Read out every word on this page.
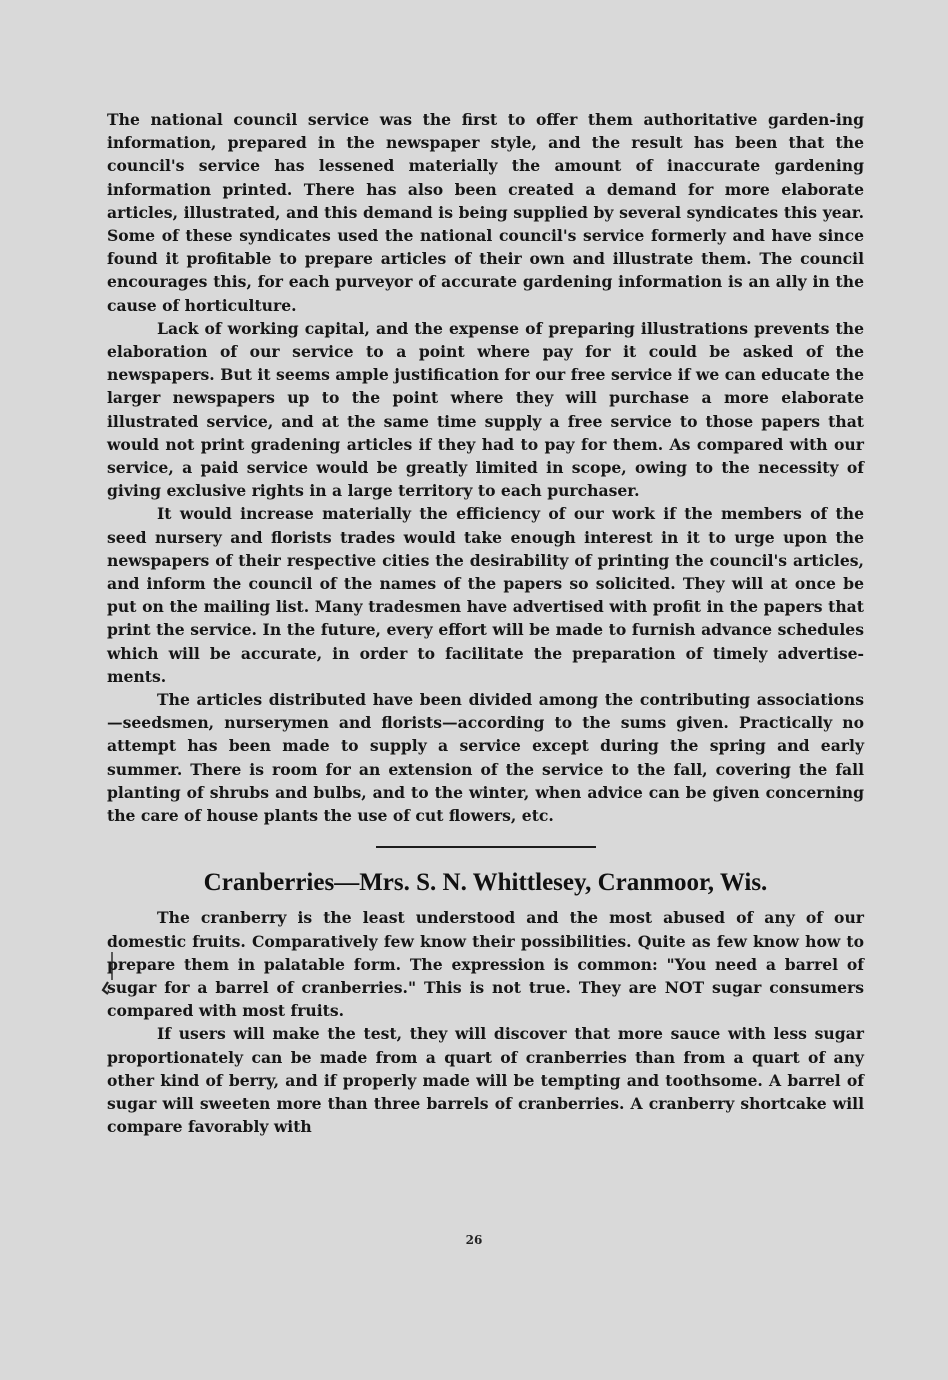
The national council service was the first to offer them authoritative garden-ing information, prepared in the newspaper style, and the result has been that the council's service has lessened materially the amount of inaccurate gardening information printed. There has also been created a demand for more elaborate articles, illustrated, and this demand is being supplied by several syndicates this year. Some of these syndicates used the national council's service formerly and have since found it profitable to prepare articles of their own and illustrate them. The council encourages this, for each purveyor of accurate gardening information is an ally in the cause of horticulture.

Lack of working capital, and the expense of preparing illustrations prevents the elaboration of our service to a point where pay for it could be asked of the newspapers. But it seems ample justification for our free service if we can educate the larger newspapers up to the point where they will purchase a more elaborate illustrated service, and at the same time supply a free service to those papers that would not print gradening articles if they had to pay for them. As compared with our service, a paid service would be greatly limited in scope, owing to the necessity of giving exclusive rights in a large territory to each purchaser.

It would increase materially the efficiency of our work if the members of the seed nursery and florists trades would take enough interest in it to urge upon the newspapers of their respective cities the desirability of printing the council's articles, and inform the council of the names of the papers so solicited. They will at once be put on the mailing list. Many tradesmen have advertised with profit in the papers that print the service. In the future, every effort will be made to furnish advance schedules which will be accurate, in order to facilitate the preparation of timely advertise-ments.

The articles distributed have been divided among the contributing associations—seedsmen, nurserymen and florists—according to the sums given. Practically no attempt has been made to supply a service except during the spring and early summer. There is room for an extension of the service to the fall, covering the fall planting of shrubs and bulbs, and to the winter, when advice can be given concerning the care of house plants the use of cut flowers, etc.

Cranberries—Mrs. S. N. Whittlesey, Cranmoor, Wis.

The cranberry is the least understood and the most abused of any of our domestic fruits. Comparatively few know their possibilities. Quite as few know how to prepare them in palatable form. The expression is common: "You need a barrel of sugar for a barrel of cranberries." This is not true. They are NOT sugar consumers compared with most fruits.

If users will make the test, they will discover that more sauce with less sugar proportionately can be made from a quart of cranberries than from a quart of any other kind of berry, and if properly made will be tempting and toothsome. A barrel of sugar will sweeten more than three barrels of cranberries. A cranberry shortcake will compare favorably with

26
